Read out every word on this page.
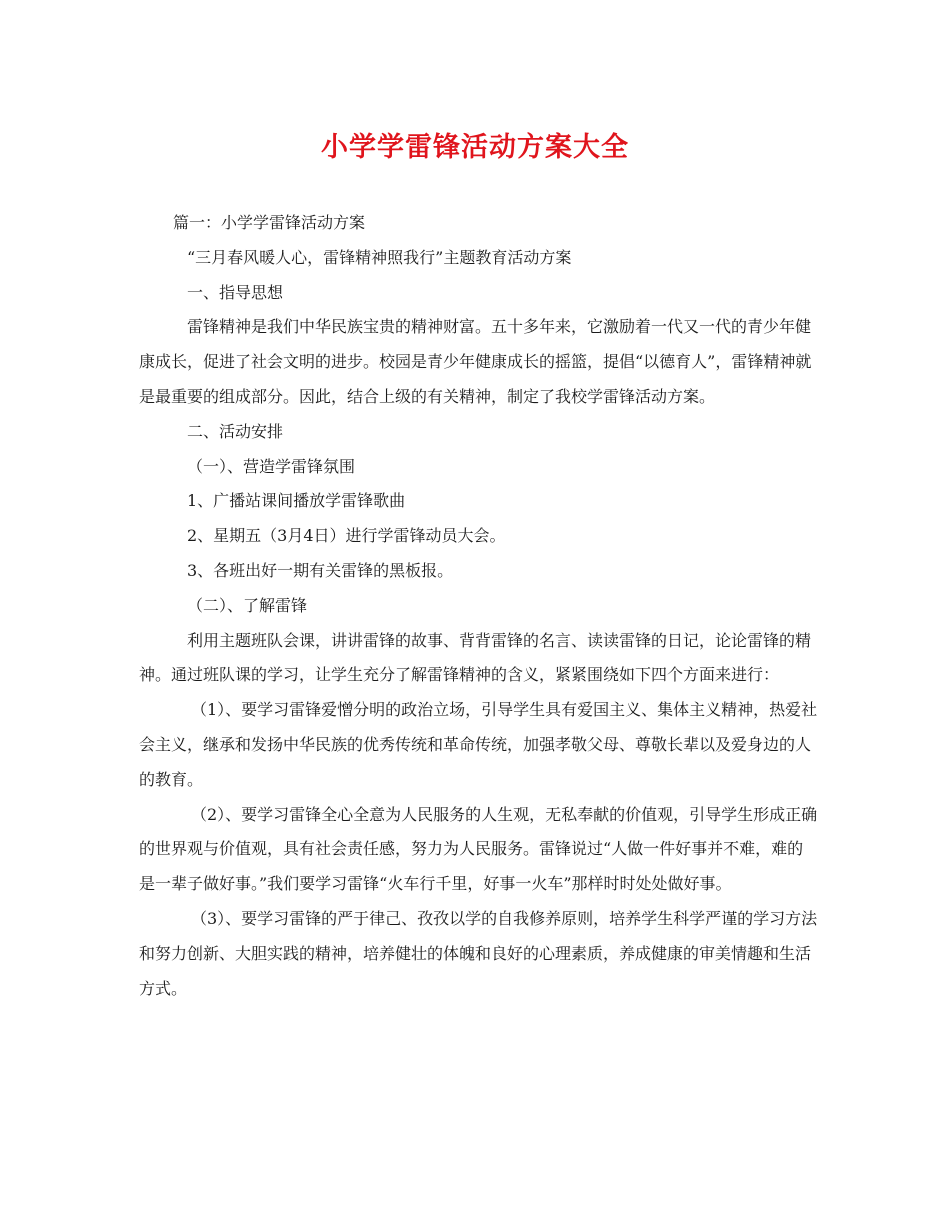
小学学雷锋活动方案大全

篇一：小学学雷锋活动方案

“三月春风暖人心，雷锋精神照我行”主题教育活动方案

一、指导思想

雷锋精神是我们中华民族宝贵的精神财富。五十多年来，它激励着一代又一代的青少年健康成长，促进了社会文明的进步。校园是青少年健康成长的摇篮，提倡“以德育人”，雷锋精神就是最重要的组成部分。因此，结合上级的有关精神，制定了我校学雷锋活动方案。

二、活动安排

（一）、营造学雷锋氛围

1、广播站课间播放学雷锋歌曲

2、星期五（3月4日）进行学雷锋动员大会。

3、各班出好一期有关雷锋的黑板报。

（二）、了解雷锋

利用主题班队会课，讲讲雷锋的故事、背背雷锋的名言、读读雷锋的日记，论论雷锋的精神。通过班队课的学习，让学生充分了解雷锋精神的含义，紧紧围绕如下四个方面来进行：

（1）、要学习雷锋爱憎分明的政治立场，引导学生具有爱国主义、集体主义精神，热爱社会主义，继承和发扬中华民族的优秀传统和革命传统，加强孝敬父母、尊敬长辈以及爱身边的人的教育。

（2）、要学习雷锋全心全意为人民服务的人生观，无私奉献的价值观，引导学生形成正确的世界观与价值观，具有社会责任感，努力为人民服务。雷锋说过“人做一件好事并不难，难的是一辈子做好事。”我们要学习雷锋“火车行千里，好事一火车”那样时时处处做好事。

（3）、要学习雷锋的严于律己、孜孜以学的自我修养原则，培养学生科学严谨的学习方法和努力创新、大胆实践的精神，培养健壮的体魄和良好的心理素质，养成健康的审美情趣和生活方式。
